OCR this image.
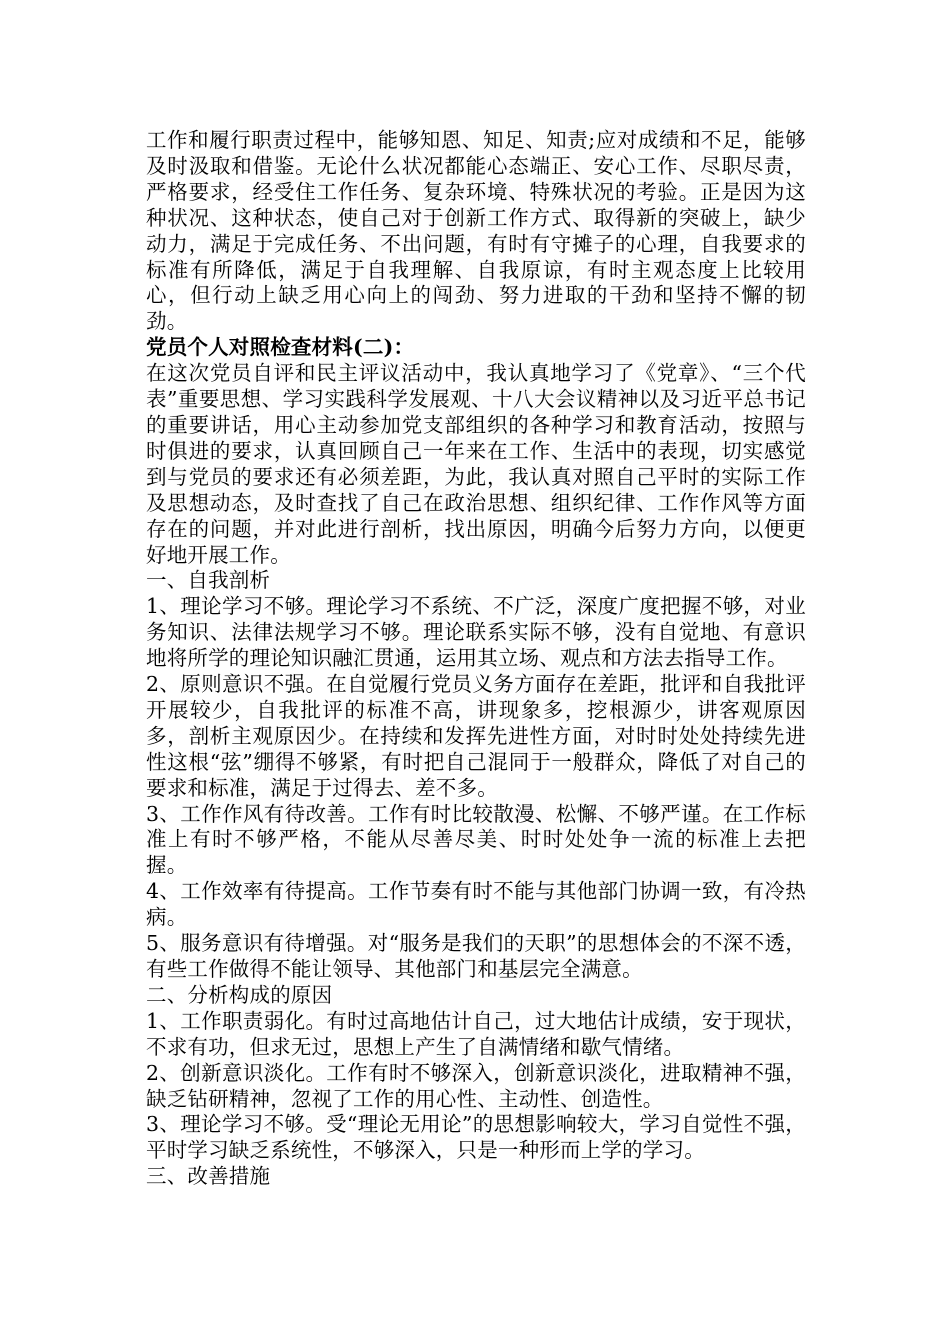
工作和履行职责过程中，能够知恩、知足、知责;应对成绩和不足，能够及时汲取和借鉴。无论什么状况都能心态端正、安心工作、尽职尽责，严格要求，经受住工作任务、复杂环境、特殊状况的考验。正是因为这种状况、这种状态，使自己对于创新工作方式、取得新的突破上，缺少动力，满足于完成任务、不出问题，有时有守摊子的心理，自我要求的标准有所降低，满足于自我理解、自我原谅，有时主观态度上比较用心，但行动上缺乏用心向上的闯劲、努力进取的干劲和坚持不懈的韧劲。

党员个人对照检查材料(二)：

在这次党员自评和民主评议活动中，我认真地学习了《党章》、“三个代表”重要思想、学习实践科学发展观、十八大会议精神以及习近平总书记的重要讲话，用心主动参加党支部组织的各种学习和教育活动，按照与时俱进的要求，认真回顾自己一年来在工作、生活中的表现，切实感觉到与党员的要求还有必须差距，为此，我认真对照自己平时的实际工作及思想动态，及时查找了自己在政治思想、组织纪律、工作作风等方面存在的问题，并对此进行剖析，找出原因，明确今后努力方向，以便更好地开展工作。

一、自我剖析

1、理论学习不够。理论学习不系统、不广泛，深度广度把握不够，对业务知识、法律法规学习不够。理论联系实际不够，没有自觉地、有意识地将所学的理论知识融汇贯通，运用其立场、观点和方法去指导工作。

2、原则意识不强。在自觉履行党员义务方面存在差距，批评和自我批评开展较少，自我批评的标准不高，讲现象多，挖根源少，讲客观原因多，剖析主观原因少。在持续和发挥先进性方面，对时时处处持续先进性这根“弦”绷得不够紧，有时把自己混同于一般群众，降低了对自己的要求和标准，满足于过得去、差不多。

3、工作作风有待改善。工作有时比较散漫、松懈、不够严谨。在工作标准上有时不够严格，不能从尽善尽美、时时处处争一流的标准上去把握。

4、工作效率有待提高。工作节奏有时不能与其他部门协调一致，有冷热病。

5、服务意识有待增强。对“服务是我们的天职”的思想体会的不深不透，有些工作做得不能让领导、其他部门和基层完全满意。

二、分析构成的原因

1、工作职责弱化。有时过高地估计自己，过大地估计成绩，安于现状，不求有功，但求无过，思想上产生了自满情绪和歇气情绪。

2、创新意识淡化。工作有时不够深入，创新意识淡化，进取精神不强，缺乏钻研精神，忽视了工作的用心性、主动性、创造性。

3、理论学习不够。受“理论无用论”的思想影响较大，学习自觉性不强，平时学习缺乏系统性，不够深入，只是一种形而上学的学习。

三、改善措施
